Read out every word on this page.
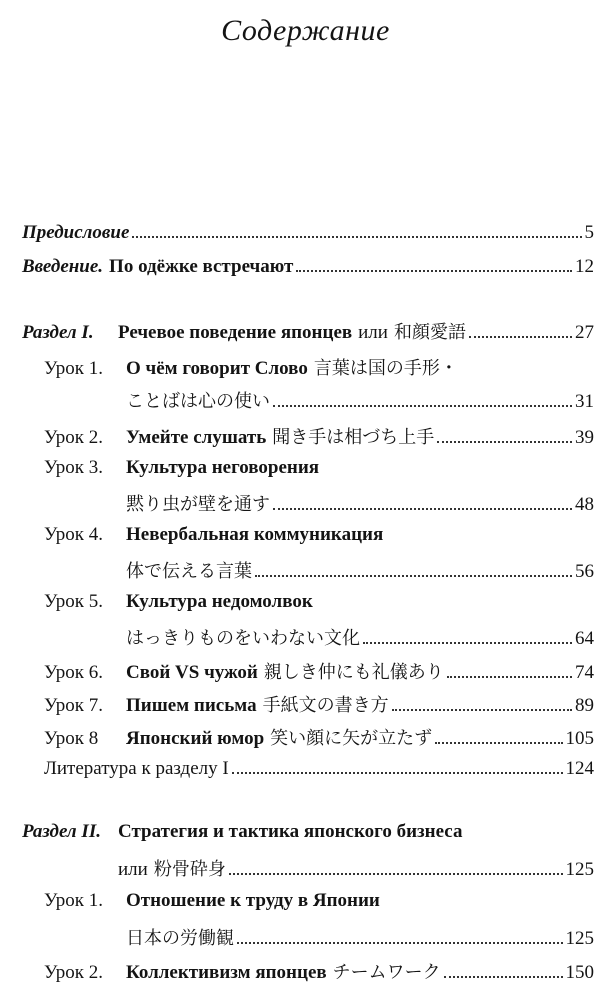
Содержание
Предисловие	5
Введение. По одёжке встречают	12
Раздел I.	Речевое поведение японцев или 和顔愛語	27
Урок 1.	О чём говорит Слово 言葉は国の手形・
ことばは心の使い	31
Урок 2.	Умейте слушать 聞き手は相づち上手	39
Урок 3.	Культура неговорения
黙り虫が壁を通す	48
Урок 4.	Невербальная коммуникация
体で伝える言葉	56
Урок 5.	Культура недомолвок
はっきりものをいわない文化	64
Урок 6.	Свой VS чужой 親しき仲にも礼儀あり	74
Урок 7.	Пишем письма 手紙文の書き方	89
Урок 8	Японский юмор 笑い顔に矢が立たず	105
Литература к разделу I	124
Раздел II. Стратегия и тактика японского бизнеса
или 粉骨砕身	125
Урок 1.	Отношение к труду в Японии
日本の労働観	125
Урок 2.	Коллективизм японцев チームワーク	150
